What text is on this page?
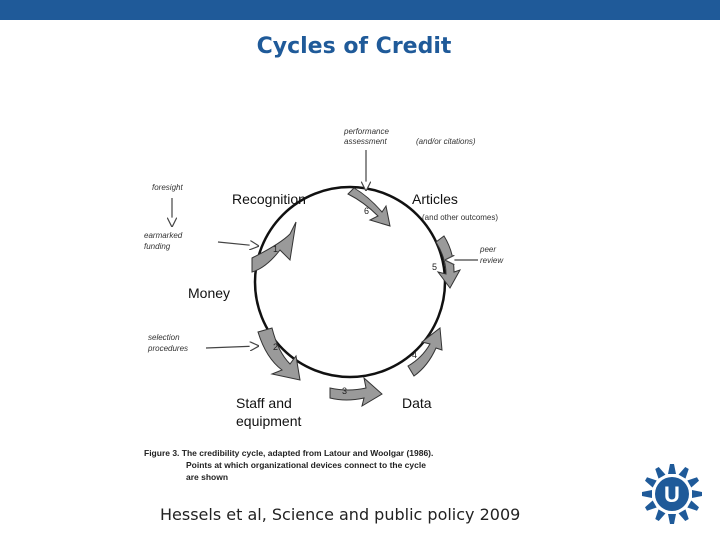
Cycles of Credit
1
2
3
4
5
6
Recognition	Articles
Money
Staff and
equipment
Data
performance
assessment	(and/or citations)
foresight
earmarked
funding
(and other outcomes)
peer
review
selection
procedures
Figure 3. The credibility cycle, adapted from Latour and Woolgar (1986).
Points at which organizational devices connect to the cycle
are shown
Hessels et al, Science and public policy 2009
U
